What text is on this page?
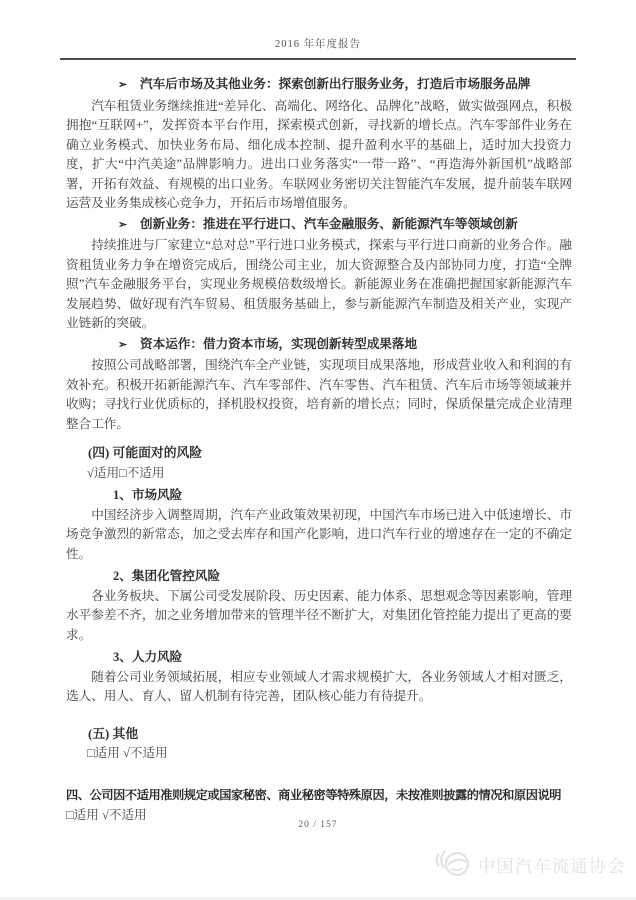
2016 年年度报告
➢ 汽车后市场及其他业务：探索创新出行服务业务，打造后市场服务品牌

汽车租赁业务继续推进“差异化、高端化、网络化、品牌化”战略，做实做强网点，积极拥抱“互联网+”，发挥资本平台作用，探索模式创新，寻找新的增长点。汽车零部件业务在确立业务模式、加快业务布局、细化成本控制、提升盈利水平的基础上，适时加大投资力度，扩大“中汽美途”品牌影响力。进出口业务落实“一带一路”、“再造海外新国机”战略部署，开拓有效益、有规模的出口业务。车联网业务密切关注智能汽车发展，提升前装车联网运营及业务集成核心竞争力，开拓后市场增值服务。

➢ 创新业务：推进在平行进口、汽车金融服务、新能源汽车等领域创新

持续推进与厂家建立“总对总”平行进口业务模式，探索与平行进口商新的业务合作。融资租赁业务力争在增资完成后，围绕公司主业，加大资源整合及内部协同力度，打造“全牌照”汽车金融服务平台，实现业务规模倍数级增长。新能源业务在准确把握国家新能源汽车发展趋势、做好现有汽车贸易、租赁服务基础上，参与新能源汽车制造及相关产业，实现产业链新的突破。

➢ 资本运作：借力资本市场，实现创新转型成果落地

按照公司战略部署，围绕汽车全产业链，实现项目成果落地，形成营业收入和利润的有效补充。积极开拓新能源汽车、汽车零部件、汽车零售、汽车租赁、汽车后市场等领域兼并收购；寻找行业优质标的，择机股权投资，培育新的增长点；同时，保质保量完成企业清理整合工作。

(四) 可能面对的风险
√适用□不适用
1、市场风险

中国经济步入调整周期，汽车产业政策效果初现，中国汽车市场已进入中低速增长、市场竞争激烈的新常态，加之受去库存和国产化影响，进口汽车行业的增速存在一定的不确定性。

2、集团化管控风险

各业务板块、下属公司受发展阶段、历史因素、能力体系、思想观念等因素影响，管理水平参差不齐，加之业务增加带来的管理半径不断扩大，对集团化管控能力提出了更高的要求。

3、人力风险

随着公司业务领域拓展，相应专业领域人才需求规模扩大，各业务领域人才相对匮乏，选人、用人、育人、留人机制有待完善，团队核心能力有待提升。

(五) 其他
□适用 √不适用
四、公司因不适用准则规定或国家秘密、商业秘密等特殊原因，未按准则披露的情况和原因说明
□适用 √不适用
20 / 157
中国汽车流通协会
